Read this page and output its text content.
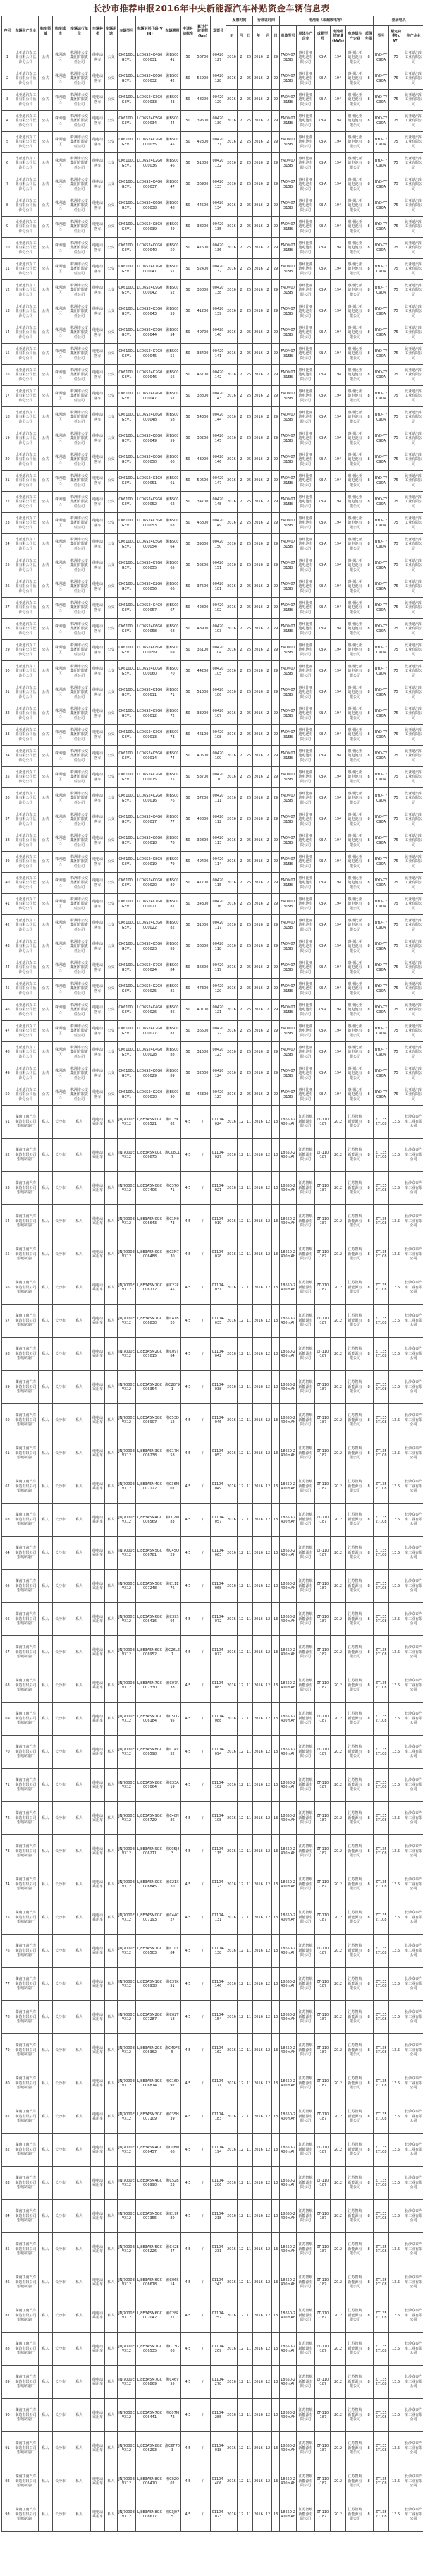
长沙市推荐申报2016年中央新能源汽车补贴资金车辆信息表
序号	车辆生产企业	购车领域	购车城市	车辆运行单位	车辆种类	车辆用途	车辆型号	车辆识别代码(VIN)	车辆牌照	申请补助标准	累计行驶里程(km)	发票号	发票时间			行驶证时间			电池组（或超级电容）						驱动电机		
													年	月	日	年	月	日	单体型号	单体生产企业	成箱型号	电池组总容量(kWh)	电池组生产企业	质保年限	型号	额定功率(kW)	生产企业
1	比亚迪汽车工业有限公司长沙分公司	公共	株洲地区	株洲市公交集团有限责任公司	纯电动客车	公交	CK6100LGEV1	LC06S24K4G0000031	湘BS0041	50	56700	00420127	2016	2	25	2016	2	29	FADM07315B	惠州比亚迪电池有限公司	KB-A	194	惠州比亚迪电池有限公司	8	BYD-TYC90A	75	比亚迪汽车工业有限公司
2	比亚迪汽车工业有限公司长沙分公司	公共	株洲地区	株洲市公交集团有限责任公司	纯电动客车	公交	CK6100LGEV1	LC06S24K6G0000032	湘BS0042	50	55900	00420128	2016	2	25	2016	2	29	FADM07315B	惠州比亚迪电池有限公司	KB-A	194	惠州比亚迪电池有限公司	8	BYD-TYC90A	75	比亚迪汽车工业有限公司
3	比亚迪汽车工业有限公司长沙分公司	公共	株洲地区	株洲市公交集团有限责任公司	纯电动客车	公交	CK6100LGEV1	LC06S24K3G0000033	湘BS0043	50	48200	00420129	2016	2	25	2016	2	29	FADM07315B	惠州比亚迪电池有限公司	KB-A	194	惠州比亚迪电池有限公司	8	BYD-TYC90A	75	比亚迪汽车工业有限公司
4	比亚迪汽车工业有限公司长沙分公司	公共	株洲地区	株洲市公交集团有限责任公司	纯电动客车	公交	CK6100LGEV1	LC06S24K5G0000034	湘BS0044	50	39600	00420130	2016	2	25	2016	2	29	FADM07315B	惠州比亚迪电池有限公司	KB-A	194	惠州比亚迪电池有限公司	8	BYD-TYC90A	75	比亚迪汽车工业有限公司
5	比亚迪汽车工业有限公司长沙分公司	公共	株洲地区	株洲市公交集团有限责任公司	纯电动客车	公交	CK6100LGEV1	LC06S24K7G0000035	湘BS0045	50	42300	00420131	2016	2	25	2016	2	29	FADM07315B	惠州比亚迪电池有限公司	KB-A	194	惠州比亚迪电池有限公司	8	BYD-TYC90A	75	比亚迪汽车工业有限公司
6	比亚迪汽车工业有限公司长沙分公司	公共	株洲地区	株洲市公交集团有限责任公司	纯电动客车	公交	CK6100LGEV1	LC06S24K2G0000036	湘BS0046	50	51800	00420132	2016	2	25	2016	2	29	FADM07315B	惠州比亚迪电池有限公司	KB-A	194	惠州比亚迪电池有限公司	8	BYD-TYC90A	75	比亚迪汽车工业有限公司
7	比亚迪汽车工业有限公司长沙分公司	公共	株洲地区	株洲市公交集团有限责任公司	纯电动客车	公交	CK6100LGEV1	LC06S24K4G0000037	湘BS0047	50	36900	00420133	2016	2	25	2016	2	29	FADM07315B	惠州比亚迪电池有限公司	KB-A	194	惠州比亚迪电池有限公司	8	BYD-TYC90A	75	比亚迪汽车工业有限公司
8	比亚迪汽车工业有限公司长沙分公司	公共	株洲地区	株洲市公交集团有限责任公司	纯电动客车	公交	CK6100LGEV1	LC06S24K6G0000038	湘BS0048	50	44500	00420134	2016	2	25	2016	2	29	FADM07315B	惠州比亚迪电池有限公司	KB-A	194	惠州比亚迪电池有限公司	8	BYD-TYC90A	75	比亚迪汽车工业有限公司
9	比亚迪汽车工业有限公司长沙分公司	公共	株洲地区	株洲市公交集团有限责任公司	纯电动客车	公交	CK6100LGEV1	LC06S24K8G0000039	湘BS0049	50	38200	00420135	2016	2	25	2016	2	29	FADM07315B	惠州比亚迪电池有限公司	KB-A	194	惠州比亚迪电池有限公司	8	BYD-TYC90A	75	比亚迪汽车工业有限公司
10	比亚迪汽车工业有限公司长沙分公司	公共	株洲地区	株洲市公交集团有限责任公司	纯电动客车	公交	CK6100LGEV1	LC06S24K0G0000040	湘BS0050	50	47600	00420136	2016	2	25	2016	2	29	FADM07315B	惠州比亚迪电池有限公司	KB-A	194	惠州比亚迪电池有限公司	8	BYD-TYC90A	75	比亚迪汽车工业有限公司
11	比亚迪汽车工业有限公司长沙分公司	公共	株洲地区	株洲市公交集团有限责任公司	纯电动客车	公交	CK6100LGEV1	LC06S24K1G0000041	湘BS0051	50	52400	00420137	2016	2	25	2016	2	29	FADM07315B	惠州比亚迪电池有限公司	KB-A	194	惠州比亚迪电池有限公司	8	BYD-TYC90A	75	比亚迪汽车工业有限公司
12	比亚迪汽车工业有限公司长沙分公司	公共	株洲地区	株洲市公交集团有限责任公司	纯电动客车	公交	CK6100LGEV1	LC06S24K9G0000042	湘BS0052	50	35800	00420138	2016	2	25	2016	2	29	FADM07315B	惠州比亚迪电池有限公司	KB-A	194	惠州比亚迪电池有限公司	8	BYD-TYC90A	75	比亚迪汽车工业有限公司
13	比亚迪汽车工业有限公司长沙分公司	公共	株洲地区	株洲市公交集团有限责任公司	纯电动客车	公交	CK6100LGEV1	LC06S24K3G0000043	湘BS0053	50	41200	00420139	2016	2	25	2016	2	29	FADM07315B	惠州比亚迪电池有限公司	KB-A	194	惠州比亚迪电池有限公司	8	BYD-TYC90A	75	比亚迪汽车工业有限公司
14	比亚迪汽车工业有限公司长沙分公司	公共	株洲地区	株洲市公交集团有限责任公司	纯电动客车	公交	CK6100LGEV1	LC06S24K5G0000044	湘BS0054	50	49700	00420140	2016	2	25	2016	2	29	FADM07315B	惠州比亚迪电池有限公司	KB-A	194	惠州比亚迪电池有限公司	8	BYD-TYC90A	75	比亚迪汽车工业有限公司
15	比亚迪汽车工业有限公司长沙分公司	公共	株洲地区	株洲市公交集团有限责任公司	纯电动客车	公交	CK6100LGEV1	LC06S24K7G0000045	湘BS0055	50	33400	00420141	2016	2	25	2016	2	29	FADM07315B	惠州比亚迪电池有限公司	KB-A	194	惠州比亚迪电池有限公司	8	BYD-TYC90A	75	比亚迪汽车工业有限公司
16	比亚迪汽车工业有限公司长沙分公司	公共	株洲地区	株洲市公交集团有限责任公司	纯电动客车	公交	CK6100LGEV1	LC06S24K2G0000046	湘BS0056	50	45100	00420142	2016	2	25	2016	2	29	FADM07315B	惠州比亚迪电池有限公司	KB-A	194	惠州比亚迪电池有限公司	8	BYD-TYC90A	75	比亚迪汽车工业有限公司
17	比亚迪汽车工业有限公司长沙分公司	公共	株洲地区	株洲市公交集团有限责任公司	纯电动客车	公交	CK6100LGEV1	LC06S24K4G0000047	湘BS0057	50	38800	00420143	2016	2	25	2016	2	29	FADM07315B	惠州比亚迪电池有限公司	KB-A	194	惠州比亚迪电池有限公司	8	BYD-TYC90A	75	比亚迪汽车工业有限公司
18	比亚迪汽车工业有限公司长沙分公司	公共	株洲地区	株洲市公交集团有限责任公司	纯电动客车	公交	CK6100LGEV1	LC06S24K6G0000048	湘BS0058	50	54300	00420144	2016	2	25	2016	2	29	FADM07315B	惠州比亚迪电池有限公司	KB-A	194	惠州比亚迪电池有限公司	8	BYD-TYC90A	75	比亚迪汽车工业有限公司
19	比亚迪汽车工业有限公司长沙分公司	公共	株洲地区	株洲市公交集团有限责任公司	纯电动客车	公交	CK6100LGEV1	LC06S24K8G0000049	湘BS0059	50	36200	00420145	2016	2	25	2016	2	29	FADM07315B	惠州比亚迪电池有限公司	KB-A	194	惠州比亚迪电池有限公司	8	BYD-TYC90A	75	比亚迪汽车工业有限公司
20	比亚迪汽车工业有限公司长沙分公司	公共	株洲地区	株洲市公交集团有限责任公司	纯电动客车	公交	CK6100LGEV1	LC06S24K0G0000050	湘BS0060	50	43900	00420146	2016	2	25	2016	2	29	FADM07315B	惠州比亚迪电池有限公司	KB-A	194	惠州比亚迪电池有限公司	8	BYD-TYC90A	75	比亚迪汽车工业有限公司
21	比亚迪汽车工业有限公司长沙分公司	公共	株洲地区	株洲市公交集团有限责任公司	纯电动客车	公交	CK6100LGEV1	LC06S24K1G0000051	湘BS0061	50	50600	00420147	2016	2	25	2016	2	29	FADM07315B	惠州比亚迪电池有限公司	KB-A	194	惠州比亚迪电池有限公司	8	BYD-TYC90A	75	比亚迪汽车工业有限公司
22	比亚迪汽车工业有限公司长沙分公司	公共	株洲地区	株洲市公交集团有限责任公司	纯电动客车	公交	CK6100LGEV1	LC06S24K9G0000052	湘BS0062	50	34700	00420148	2016	2	25	2016	2	29	FADM07315B	惠州比亚迪电池有限公司	KB-A	194	惠州比亚迪电池有限公司	8	BYD-TYC90A	75	比亚迪汽车工业有限公司
23	比亚迪汽车工业有限公司长沙分公司	公共	株洲地区	株洲市公交集团有限责任公司	纯电动客车	公交	CK6100LGEV1	LC06S24K3G0000053	湘BS0063	50	46800	00420149	2016	2	25	2016	2	29	FADM07315B	惠州比亚迪电池有限公司	KB-A	194	惠州比亚迪电池有限公司	8	BYD-TYC90A	75	比亚迪汽车工业有限公司
24	比亚迪汽车工业有限公司长沙分公司	公共	株洲地区	株洲市公交集团有限责任公司	纯电动客车	公交	CK6100LGEV1	LC06S24K5G0000054	湘BS0064	50	39300	00420150	2016	2	25	2016	2	29	FADM07315B	惠州比亚迪电池有限公司	KB-A	194	惠州比亚迪电池有限公司	8	BYD-TYC90A	75	比亚迪汽车工业有限公司
25	比亚迪汽车工业有限公司长沙分公司	公共	株洲地区	株洲市公交集团有限责任公司	纯电动客车	公交	CK6100LGEV1	LC06S24K7G0000055	湘BS0065	50	55200	00420151	2016	2	25	2016	2	29	FADM07315B	惠州比亚迪电池有限公司	KB-A	194	惠州比亚迪电池有限公司	8	BYD-TYC90A	75	比亚迪汽车工业有限公司
26	比亚迪汽车工业有限公司长沙分公司	公共	株洲地区	株洲市公交集团有限责任公司	纯电动客车	公交	CK6100LGEV1	LC06S24K2G0000056	湘BS0066	50	37500	00420101	2016	2	25	2016	2	29	FADM07315B	惠州比亚迪电池有限公司	KB-A	194	惠州比亚迪电池有限公司	8	BYD-TYC90A	75	比亚迪汽车工业有限公司
27	比亚迪汽车工业有限公司长沙分公司	公共	株洲地区	株洲市公交集团有限责任公司	纯电动客车	公交	CK6100LGEV1	LC06S24K4G0000057	湘BS0067	50	42800	00420102	2016	2	25	2016	2	29	FADM07315B	惠州比亚迪电池有限公司	KB-A	194	惠州比亚迪电池有限公司	8	BYD-TYC90A	75	比亚迪汽车工业有限公司
28	比亚迪汽车工业有限公司长沙分公司	公共	株洲地区	株洲市公交集团有限责任公司	纯电动客车	公交	CK6100LGEV1	LC06S24K6G0000058	湘BS0068	50	48900	00420103	2016	2	25	2016	2	29	FADM07315B	惠州比亚迪电池有限公司	KB-A	194	惠州比亚迪电池有限公司	8	BYD-TYC90A	75	比亚迪汽车工业有限公司
29	比亚迪汽车工业有限公司长沙分公司	公共	株洲地区	株洲市公交集团有限责任公司	纯电动客车	公交	CK6100LGEV1	LC06S24K8G0000059	湘BS0069	50	35100	00420104	2016	2	25	2016	2	29	FADM07315B	惠州比亚迪电池有限公司	KB-A	194	惠州比亚迪电池有限公司	8	BYD-TYC90A	75	比亚迪汽车工业有限公司
30	比亚迪汽车工业有限公司长沙分公司	公共	株洲地区	株洲市公交集团有限责任公司	纯电动客车	公交	CK6100LGEV1	LC06S24K0G0000060	湘BS0070	50	44200	00420105	2016	2	25	2016	2	29	FADM07315B	惠州比亚迪电池有限公司	KB-A	194	惠州比亚迪电池有限公司	8	BYD-TYC90A	75	比亚迪汽车工业有限公司
31	比亚迪汽车工业有限公司长沙分公司	公共	株洲地区	株洲市公交集团有限责任公司	纯电动客车	公交	CK6100LGEV1	LC06S24K1G0000011	湘BS0071	50	51300	00420106	2016	2	25	2016	2	29	FADM07315B	惠州比亚迪电池有限公司	KB-A	194	惠州比亚迪电池有限公司	8	BYD-TYC90A	75	比亚迪汽车工业有限公司
32	比亚迪汽车工业有限公司长沙分公司	公共	株洲地区	株洲市公交集团有限责任公司	纯电动客车	公交	CK6100LGEV1	LC06S24K9G0000012	湘BS0072	50	33900	00420107	2016	2	25	2016	2	29	FADM07315B	惠州比亚迪电池有限公司	KB-A	194	惠州比亚迪电池有限公司	8	BYD-TYC90A	75	比亚迪汽车工业有限公司
33	比亚迪汽车工业有限公司长沙分公司	公共	株洲地区	株洲市公交集团有限责任公司	纯电动客车	公交	CK6100LGEV1	LC06S24K3G0000013	湘BS0073	50	46100	00420108	2016	2	25	2016	2	29	FADM07315B	惠州比亚迪电池有限公司	KB-A	194	惠州比亚迪电池有限公司	8	BYD-TYC90A	75	比亚迪汽车工业有限公司
34	比亚迪汽车工业有限公司长沙分公司	公共	株洲地区	株洲市公交集团有限责任公司	纯电动客车	公交	CK6100LGEV1	LC06S24K5G0000014	湘BS0074	50	40500	00420109	2016	2	25	2016	2	29	FADM07315B	惠州比亚迪电池有限公司	KB-A	194	惠州比亚迪电池有限公司	8	BYD-TYC90A	75	比亚迪汽车工业有限公司
35	比亚迪汽车工业有限公司长沙分公司	公共	株洲地区	株洲市公交集团有限责任公司	纯电动客车	公交	CK6100LGEV1	LC06S24K7G0000015	湘BS0075	50	53700	00420110	2016	2	25	2016	2	29	FADM07315B	惠州比亚迪电池有限公司	KB-A	194	惠州比亚迪电池有限公司	8	BYD-TYC90A	75	比亚迪汽车工业有限公司
36	比亚迪汽车工业有限公司长沙分公司	公共	株洲地区	株洲市公交集团有限责任公司	纯电动客车	公交	CK6100LGEV1	LC06S24K2G0000016	湘BS0076	50	37200	00420111	2016	2	25	2016	2	29	FADM07315B	惠州比亚迪电池有限公司	KB-A	194	惠州比亚迪电池有限公司	8	BYD-TYC90A	75	比亚迪汽车工业有限公司
37	比亚迪汽车工业有限公司长沙分公司	公共	株洲地区	株洲市公交集团有限责任公司	纯电动客车	公交	CK6100LGEV1	LC06S24K4G0000017	湘BS0077	50	45800	00420112	2016	2	25	2016	2	29	FADM07315B	惠州比亚迪电池有限公司	KB-A	194	惠州比亚迪电池有限公司	8	BYD-TYC90A	75	比亚迪汽车工业有限公司
38	比亚迪汽车工业有限公司长沙分公司	公共	株洲地区	株洲市公交集团有限责任公司	纯电动客车	公交	CK6100LGEV1	LC06S24K6G0000018	湘BS0078	50	32800	00420113	2016	2	25	2016	2	29	FADM07315B	惠州比亚迪电池有限公司	KB-A	194	惠州比亚迪电池有限公司	8	BYD-TYC90A	75	比亚迪汽车工业有限公司
39	比亚迪汽车工业有限公司长沙分公司	公共	株洲地区	株洲市公交集团有限责任公司	纯电动客车	公交	CK6100LGEV1	LC06S24K8G0000019	湘BS0079	50	49400	00420114	2016	2	25	2016	2	29	FADM07315B	惠州比亚迪电池有限公司	KB-A	194	惠州比亚迪电池有限公司	8	BYD-TYC90A	75	比亚迪汽车工业有限公司
40	比亚迪汽车工业有限公司长沙分公司	公共	株洲地区	株洲市公交集团有限责任公司	纯电动客车	公交	CK6100LGEV1	LC06S24K0G0000020	湘BS0080	50	41700	00420115	2016	2	25	2016	2	29	FADM07315B	惠州比亚迪电池有限公司	KB-A	194	惠州比亚迪电池有限公司	8	BYD-TYC90A	75	比亚迪汽车工业有限公司
41	比亚迪汽车工业有限公司长沙分公司	公共	株洲地区	株洲市公交集团有限责任公司	纯电动客车	公交	CK6100LGEV1	LC06S24K1G0000021	湘BS0081	50	34300	00420116	2016	2	25	2016	2	29	FADM07315B	惠州比亚迪电池有限公司	KB-A	194	惠州比亚迪电池有限公司	8	BYD-TYC90A	75	比亚迪汽车工业有限公司
42	比亚迪汽车工业有限公司长沙分公司	公共	株洲地区	株洲市公交集团有限责任公司	纯电动客车	公交	CK6100LGEV1	LC06S24K3G0000022	湘BS0082	50	31000	00420117	2016	2	25	2016	2	29	FADM07315B	惠州比亚迪电池有限公司	KB-A	194	惠州比亚迪电池有限公司	8	BYD-TYC90A	75	比亚迪汽车工业有限公司
43	比亚迪汽车工业有限公司长沙分公司	公共	株洲地区	株洲市公交集团有限责任公司	纯电动客车	公交	CK6100LGEV1	LC06S24K5G0000023	湘BS0083	50	36300	00420118	2016	2	25	2016	2	29	FADM07315B	惠州比亚迪电池有限公司	KB-A	194	惠州比亚迪电池有限公司	8	BYD-TYC90A	75	比亚迪汽车工业有限公司
44	比亚迪汽车工业有限公司长沙分公司	公共	株洲地区	株洲市公交集团有限责任公司	纯电动客车	公交	CK6100LGEV1	LC06S24K7G0000024	湘BS0084	50	36800	00420119	2016	2	25	2016	2	29	FADM07315B	惠州比亚迪电池有限公司	KB-A	194	惠州比亚迪电池有限公司	8	BYD-TYC90A	75	比亚迪汽车工业有限公司
45	比亚迪汽车工业有限公司长沙分公司	公共	株洲地区	株洲市公交集团有限责任公司	纯电动客车	公交	CK6100LGEV1	LC06S24K2G0000025	湘BS0085	50	47300	00420120	2016	2	25	2016	2	29	FADM07315B	惠州比亚迪电池有限公司	KB-A	194	惠州比亚迪电池有限公司	8	BYD-TYC90A	75	比亚迪汽车工业有限公司
46	比亚迪汽车工业有限公司长沙分公司	公共	株洲地区	株洲市公交集团有限责任公司	纯电动客车	公交	CK6100LGEV1	LC06S24K4G0000026	湘BS0086	50	40100	00420121	2016	2	25	2016	2	29	FADM07315B	惠州比亚迪电池有限公司	KB-A	194	惠州比亚迪电池有限公司	8	BYD-TYC90A	75	比亚迪汽车工业有限公司
47	比亚迪汽车工业有限公司长沙分公司	公共	株洲地区	株洲市公交集团有限责任公司	纯电动客车	公交	CK6100LGEV1	LC06S24K2G0000027	湘BS0087	50	36500	00420122	2016	2	25	2016	2	29	FADM07315B	惠州比亚迪电池有限公司	KB-A	194	惠州比亚迪电池有限公司	8	BYD-TYC90A	75	比亚迪汽车工业有限公司
48	比亚迪汽车工业有限公司长沙分公司	公共	株洲地区	株洲市公交集团有限责任公司	纯电动客车	公交	CK6100LGEV1	LC06S24K4G0000028	湘BS0088	50	31500	00420123	2016	2	25	2016	2	29	FADM07315B	惠州比亚迪电池有限公司	KB-A	194	惠州比亚迪电池有限公司	8	BYD-TYC90A	75	比亚迪汽车工业有限公司
49	比亚迪汽车工业有限公司长沙分公司	公共	株洲地区	株洲市公交集团有限责任公司	纯电动客车	公交	CK6100LGEV1	LC06S24K6G0000029	湘BS0089	50	32600	00420124	2016	2	25	2016	2	29	FADM07315B	惠州比亚迪电池有限公司	KB-A	194	惠州比亚迪电池有限公司	8	BYD-TYC90A	75	比亚迪汽车工业有限公司
50	比亚迪汽车工业有限公司长沙分公司	公共	株洲地区	株洲市公交集团有限责任公司	纯电动客车	公交	CK6100LGEV1	LC06S24K2G0000030	湘BS0090	50	46300	00420125	2016	2	25	2016	2	29	FADM07315B	惠州比亚迪电池有限公司	KB-A	194	惠州比亚迪电池有限公司	8	BYD-TYC90A	75	比亚迪汽车工业有限公司
51	湖南江南汽车制造有限公司望城制造厂	私人	长沙市	私人	纯电动乘用车	私人	JNJ7000EVX12	LJ8E3A5M0GC006521	湘C15K82	4.5	/	01104-024	2016	12	11	2016	12	13	18650-2400mAh	江苏智航新能源有限公司	ZT-110-187	20.2	江苏智航新能源有限公司	8	ZT13527108	13.5	长沙众泰汽车工业有限公司
52	湖南江南汽车制造有限公司望城制造厂	私人	长沙市	私人	纯电动乘用车	私人	JNJ7000EVX12	LJ8E3A5M0GC006675	湘C08L17	4.5	/	01104-027	2016	12	11	2016	12	13	18650-2400mAh	江苏智航新能源有限公司	ZT-110-187	20.2	江苏智航新能源有限公司	8	ZT13527108	13.5	长沙众泰汽车工业有限公司
53	湖南江南汽车制造有限公司望城制造厂	私人	长沙市	私人	纯电动乘用车	私人	JNJ7000EVX12	LJ8E3A5M0GC007406	湘C37Q71	4.5	/	01104-021	2016	12	11	2016	12	13	18650-2400mAh	江苏智航新能源有限公司	ZT-110-187	20.2	江苏智航新能源有限公司	8	ZT13527108	13.5	长沙众泰汽车工业有限公司
54	湖南江南汽车制造有限公司望城制造厂	私人	长沙市	私人	纯电动乘用车	私人	JNJ7000EVX12	LJ8E3A5M0GC006643	湘C1N073	4.5	/	01104-019	2016	12	11	2016	12	13	18650-2400mAh	江苏智航新能源有限公司	ZT-110-187	20.2	江苏智航新能源有限公司	8	ZT13527108	13.5	长沙众泰汽车工业有限公司
55	湖南江南汽车制造有限公司望城制造厂	私人	长沙市	私人	纯电动乘用车	私人	JNJ7000EVX12	LJ8E3A5M0GC006488	湘C3N730	4.5	/	01104-028	2016	12	11	2016	12	13	18650-2400mAh	江苏智航新能源有限公司	ZT-110-187	20.2	江苏智航新能源有限公司	8	ZT13527108	13.5	长沙众泰汽车工业有限公司
56	湖南江南汽车制造有限公司望城制造厂	私人	长沙市	私人	纯电动乘用车	私人	JNJ7000EVX12	LJ8E3A5M1GC006712	湘C22P45	4.5	/	01104-031	2016	12	11	2016	12	13	18650-2400mAh	江苏智航新能源有限公司	ZT-110-187	20.2	江苏智航新能源有限公司	8	ZT13527108	13.5	长沙众泰汽车工业有限公司
57	湖南江南汽车制造有限公司望城制造厂	私人	长沙市	私人	纯电动乘用车	私人	JNJ7000EVX12	LJ8E3A5M1GC006830	湘C41B20	4.5	/	01104-035	2016	12	11	2016	12	13	18650-2400mAh	江苏智航新能源有限公司	ZT-110-187	20.2	江苏智航新能源有限公司	8	ZT13527108	13.5	长沙众泰汽车工业有限公司
58	湖南江南汽车制造有限公司望城制造厂	私人	长沙市	私人	纯电动乘用车	私人	JNJ7000EVX12	LJ8E3A5M2GC007015	湘C09T64	4.5	/	01104-042	2016	12	11	2016	12	13	18650-2400mAh	江苏智航新能源有限公司	ZT-110-187	20.2	江苏智航新能源有限公司	8	ZT13527108	13.5	长沙众泰汽车工业有限公司
59	湖南江南汽车制造有限公司望城制造厂	私人	长沙市	私人	纯电动乘用车	私人	JNJ7000EVX12	LJ8E3A5M2GC006354	湘C28F91	4.5	/	01104-038	2016	12	11	2016	12	13	18650-2400mAh	江苏智航新能源有限公司	ZT-110-187	20.2	江苏智航新能源有限公司	8	ZT13527108	13.5	长沙众泰汽车工业有限公司
60	湖南江南汽车制造有限公司望城制造厂	私人	长沙市	私人	纯电动乘用车	私人	JNJ7000EVX12	LJ8E3A5M3GC006907	湘C53D12	4.5	/	01104-046	2016	12	11	2016	12	13	18650-2400mAh	江苏智航新能源有限公司	ZT-110-187	20.2	江苏智航新能源有限公司	8	ZT13527108	13.5	长沙众泰汽车工业有限公司
61	湖南江南汽车制造有限公司望城制造厂	私人	长沙市	私人	纯电动乘用车	私人	JNJ7000EVX12	LJ8E3A5M3GC006238	湘C17H58	4.5	/	01104-052	2016	12	11	2016	12	13	18650-2400mAh	江苏智航新能源有限公司	ZT-110-187	20.2	江苏智航新能源有限公司	8	ZT13527108	13.5	长沙众泰汽车工业有限公司
62	湖南江南汽车制造有限公司望城制造厂	私人	长沙市	私人	纯电动乘用车	私人	JNJ7000EVX12	LJ8E3A5M4GC007122	湘C36M07	4.5	/	01104-049	2016	12	11	2016	12	13	18650-2400mAh	江苏智航新能源有限公司	ZT-110-187	20.2	江苏智航新能源有限公司	8	ZT13527108	13.5	长沙众泰汽车工业有限公司
63	湖南江南汽车制造有限公司望城制造厂	私人	长沙市	私人	纯电动乘用车	私人	JNJ7000EVX12	LJ8E3A5M4GC006569	湘C02W83	4.5	/	01104-057	2016	12	11	2016	12	13	18650-2400mAh	江苏智航新能源有限公司	ZT-110-187	20.2	江苏智航新能源有限公司	8	ZT13527108	13.5	长沙众泰汽车工业有限公司
64	湖南江南汽车制造有限公司望城制造厂	私人	长沙市	私人	纯电动乘用车	私人	JNJ7000EVX12	LJ8E3A5M5GC006781	湘C45Q29	4.5	/	01104-063	2016	12	11	2016	12	13	18650-2400mAh	江苏智航新能源有限公司	ZT-110-187	20.2	江苏智航新能源有限公司	8	ZT13527108	13.5	长沙众泰汽车工业有限公司
65	湖南江南汽车制造有限公司望城制造厂	私人	长沙市	私人	纯电动乘用车	私人	JNJ7000EVX12	LJ8E3A5M5GC007248	湘C11E76	4.5	/	01104-068	2016	12	11	2016	12	13	18650-2400mAh	江苏智航新能源有限公司	ZT-110-187	20.2	江苏智航新能源有限公司	8	ZT13527108	13.5	长沙众泰汽车工业有限公司
66	湖南江南汽车制造有限公司望城制造厂	私人	长沙市	私人	纯电动乘用车	私人	JNJ7000EVX12	LJ8E3A5M6GC006416	湘C39S04	4.5	/	01104-072	2016	12	11	2016	12	13	18650-2400mAh	江苏智航新能源有限公司	ZT-110-187	20.2	江苏智航新能源有限公司	8	ZT13527108	13.5	长沙众泰汽车工业有限公司
67	湖南江南汽车制造有限公司望城制造厂	私人	长沙市	私人	纯电动乘用车	私人	JNJ7000EVX12	LJ8E3A5M6GC006952	湘C26L61	4.5	/	01104-077	2016	12	11	2016	12	13	18650-2400mAh	江苏智航新能源有限公司	ZT-110-187	20.2	江苏智航新能源有限公司	8	ZT13527108	13.5	长沙众泰汽车工业有限公司
68	湖南江南汽车制造有限公司望城制造厂	私人	长沙市	私人	纯电动乘用车	私人	JNJ7000EVX12	LJ8E3A5M7GC007330	湘C07R38	4.5	/	01104-083	2016	12	11	2016	12	13	18650-2400mAh	江苏智航新能源有限公司	ZT-110-187	20.2	江苏智航新能源有限公司	8	ZT13527108	13.5	长沙众泰汽车工业有限公司
69	湖南江南汽车制造有限公司望城制造厂	私人	长沙市	私人	纯电动乘用车	私人	JNJ7000EVX12	LJ8E3A5M7GC006184	湘C50G95	4.5	/	01104-088	2016	12	11	2016	12	13	18650-2400mAh	江苏智航新能源有限公司	ZT-110-187	20.2	江苏智航新能源有限公司	8	ZT13527108	13.5	长沙众泰汽车工业有限公司
70	湖南江南汽车制造有限公司望城制造厂	私人	长沙市	私人	纯电动乘用车	私人	JNJ7000EVX12	LJ8E3A5M8GC006598	湘C14V52	4.5	/	01104-094	2016	12	11	2016	12	13	18650-2400mAh	江苏智航新能源有限公司	ZT-110-187	20.2	江苏智航新能源有限公司	8	ZT13527108	13.5	长沙众泰汽车工业有限公司
71	湖南江南汽车制造有限公司望城制造厂	私人	长沙市	私人	纯电动乘用车	私人	JNJ7000EVX12	LJ8E3A5M8GC007064	湘C33A19	4.5	/	01104-102	2016	12	11	2016	12	13	18650-2400mAh	江苏智航新能源有限公司	ZT-110-187	20.2	江苏智航新能源有限公司	8	ZT13527108	13.5	长沙众泰汽车工业有限公司
72	湖南江南汽车制造有限公司望城制造厂	私人	长沙市	私人	纯电动乘用车	私人	JNJ7000EVX12	LJ8E3A5M9GC006729	湘C48N86	4.5	/	01104-108	2016	12	11	2016	12	13	18650-2400mAh	江苏智航新能源有限公司	ZT-110-187	20.2	江苏智航新能源有限公司	8	ZT13527108	13.5	长沙众泰汽车工业有限公司
73	湖南江南汽车制造有限公司望城制造厂	私人	长沙市	私人	纯电动乘用车	私人	JNJ7000EVX12	LJ8E3A5M9GC006271	湘C05J43	4.5	/	01104-115	2016	12	11	2016	12	13	18650-2400mAh	江苏智航新能源有限公司	ZT-110-187	20.2	江苏智航新能源有限公司	8	ZT13527108	13.5	长沙众泰汽车工业有限公司
74	湖南江南汽车制造有限公司望城制造厂	私人	长沙市	私人	纯电动乘用车	私人	JNJ7000EVX12	LJ8E3A5M0GC006845	湘C21X70	4.5	/	01104-123	2016	12	11	2016	12	13	18650-2400mAh	江苏智航新能源有限公司	ZT-110-187	20.2	江苏智航新能源有限公司	8	ZT13527108	13.5	长沙众泰汽车工业有限公司
75	湖南江南汽车制造有限公司望城制造厂	私人	长沙市	私人	纯电动乘用车	私人	JNJ7000EVX12	LJ8E3A5M0GC007193	湘C44C27	4.5	/	01104-131	2016	12	11	2016	12	13	18650-2400mAh	江苏智航新能源有限公司	ZT-110-187	20.2	江苏智航新能源有限公司	8	ZT13527108	13.5	长沙众泰汽车工业有限公司
76	湖南江南汽车制造有限公司望城制造厂	私人	长沙市	私人	纯电动乘用车	私人	JNJ7000EVX12	LJ8E3A5M1GC006503	湘C10Y84	4.5	/	01104-138	2016	12	11	2016	12	13	18650-2400mAh	江苏智航新能源有限公司	ZT-110-187	20.2	江苏智航新能源有限公司	8	ZT13527108	13.5	长沙众泰汽车工业有限公司
77	湖南江南汽车制造有限公司望城制造厂	私人	长沙市	私人	纯电动乘用车	私人	JNJ7000EVX12	LJ8E3A5M1GC006938	湘C37K51	4.5	/	01104-146	2016	12	11	2016	12	13	18650-2400mAh	江苏智航新能源有限公司	ZT-110-187	20.2	江苏智航新能源有限公司	8	ZT13527108	13.5	长沙众泰汽车工业有限公司
78	湖南江南汽车制造有限公司望城制造厂	私人	长沙市	私人	纯电动乘用车	私人	JNJ7000EVX12	LJ8E3A5M2GC007287	湘C02T18	4.5	/	01104-154	2016	12	11	2016	12	13	18650-2400mAh	江苏智航新能源有限公司	ZT-110-187	20.2	江苏智航新能源有限公司	8	ZT13527108	13.5	长沙众泰汽车工业有限公司
79	湖南江南汽车制造有限公司望城制造厂	私人	长沙市	私人	纯电动乘用车	私人	JNJ7000EVX12	LJ8E3A5M2GC006362	湘C49F65	4.5	/	01104-162	2016	12	11	2016	12	13	18650-2400mAh	江苏智航新能源有限公司	ZT-110-187	20.2	江苏智航新能源有限公司	8	ZT13527108	13.5	长沙众泰汽车工业有限公司
80	湖南江南汽车制造有限公司望城制造厂	私人	长沙市	私人	纯电动乘用车	私人	JNJ7000EVX12	LJ8E3A5M3GC006814	湘C16D92	4.5	/	01104-171	2016	12	11	2016	12	13	18650-2400mAh	江苏智航新能源有限公司	ZT-110-187	20.2	江苏智航新能源有限公司	8	ZT13527108	13.5	长沙众泰汽车工业有限公司
81	湖南江南汽车制造有限公司望城制造厂	私人	长沙市	私人	纯电动乘用车	私人	JNJ7000EVX12	LJ8E3A5M3GC007109	湘C35H39	4.5	/	01104-183	2016	12	11	2016	12	13	18650-2400mAh	江苏智航新能源有限公司	ZT-110-187	20.2	江苏智航新能源有限公司	8	ZT13527108	13.5	长沙众泰汽车工业有限公司
82	湖南江南汽车制造有限公司望城制造厂	私人	长沙市	私人	纯电动乘用车	私人	JNJ7000EVX12	LJ8E3A5M4GC006457	湘C08M66	4.5	/	01104-194	2016	12	11	2016	12	13	18650-2400mAh	江苏智航新能源有限公司	ZT-110-187	20.2	江苏智航新能源有限公司	8	ZT13527108	13.5	长沙众泰汽车工业有限公司
83	湖南江南汽车制造有限公司望城制造厂	私人	长沙市	私人	纯电动乘用车	私人	JNJ7000EVX12	LJ8E3A5M4GC006990	湘C52B23	4.5	/	01104-206	2016	12	11	2016	12	13	18650-2400mAh	江苏智航新能源有限公司	ZT-110-187	20.2	江苏智航新能源有限公司	8	ZT13527108	13.5	长沙众泰汽车工业有限公司
84	湖南江南汽车制造有限公司望城制造厂	私人	长沙市	私人	纯电动乘用车	私人	JNJ7000EVX12	LJ8E3A5M5GC007355	湘C19P80	4.5	/	01104-218	2016	12	11	2016	12	13	18650-2400mAh	江苏智航新能源有限公司	ZT-110-187	20.2	江苏智航新能源有限公司	8	ZT13527108	13.5	长沙众泰汽车工业有限公司
85	湖南江南汽车制造有限公司望城制造厂	私人	长沙市	私人	纯电动乘用车	私人	JNJ7000EVX12	LJ8E3A5M5GC006226	湘C42E47	4.5	/	01104-231	2016	12	11	2016	12	13	18650-2400mAh	江苏智航新能源有限公司	ZT-110-187	20.2	江苏智航新能源有限公司	8	ZT13527108	13.5	长沙众泰汽车工业有限公司
86	湖南江南汽车制造有限公司望城制造厂	私人	长沙市	私人	纯电动乘用车	私人	JNJ7000EVX12	LJ8E3A5M6GC006678	湘C06S14	4.5	/	01104-243	2016	12	11	2016	12	13	18650-2400mAh	江苏智航新能源有限公司	ZT-110-187	20.2	江苏智航新能源有限公司	8	ZT13527108	13.5	长沙众泰汽车工业有限公司
87	湖南江南汽车制造有限公司望城制造厂	私人	长沙市	私人	纯电动乘用车	私人	JNJ7000EVX12	LJ8E3A5M6GC007042	湘C28R71	4.5	/	01104-257	2016	12	11	2016	12	13	18650-2400mAh	江苏智航新能源有限公司	ZT-110-187	20.2	江苏智航新能源有限公司	8	ZT13527108	13.5	长沙众泰汽车工业有限公司
88	湖南江南汽车制造有限公司望城制造厂	私人	长沙市	私人	纯电动乘用车	私人	JNJ7000EVX12	LJ8E3A5M7GC006535	湘C13G08	4.5	/	01104-269	2016	12	11	2016	12	13	18650-2400mAh	江苏智航新能源有限公司	ZT-110-187	20.2	江苏智航新能源有限公司	8	ZT13527108	13.5	长沙众泰汽车工业有限公司
89	湖南江南汽车制造有限公司望城制造厂	私人	长沙市	私人	纯电动乘用车	私人	JNJ7000EVX12	LJ8E3A5M7GC006869	湘C46V55	4.5	/	01104-278	2016	12	11	2016	12	13	18650-2400mAh	江苏智航新能源有限公司	ZT-110-187	20.2	江苏智航新能源有限公司	8	ZT13527108	13.5	长沙众泰汽车工业有限公司
90	湖南江南汽车制造有限公司望城制造厂	私人	长沙市	私人	纯电动乘用车	私人	JNJ7000EVX12	LJ8E3A5M7GC006441	湘C07M72	4.5	/	01104-285	2016	12	11	2016	12	13	18650-2400mAh	江苏智航新能源有限公司	ZT-110-187	20.2	江苏智航新能源有限公司	8	ZT13527108	13.5	长沙众泰汽车工业有限公司
91	湖南江南汽车制造有限公司望城制造厂	私人	长沙市	私人	纯电动乘用车	私人	JNJ7000EVX12	LJ8E3A5M8GC006293	湘C6F703	4.5	/	01104-018	2016	12	11	2016	12	13	18650-2400mAh	江苏智航新能源有限公司	ZT-110-187	20.2	江苏智航新能源有限公司	8	ZT13527108	13.5	长沙众泰汽车工业有限公司
92	湖南江南汽车制造有限公司望城制造厂	私人	长沙市	私人	纯电动乘用车	私人	JNJ7000EVX12	LJ8E3A5M8GC006410	湘C02Q02	4.5	/	01104-406	2016	12	11	2016	12	13	18650-2400mAh	江苏智航新能源有限公司	ZT-110-187	20.2	江苏智航新能源有限公司	8	ZT13527108	13.5	长沙众泰汽车工业有限公司
93	湖南江南汽车制造有限公司望城制造厂	私人	长沙市	私人	纯电动乘用车	私人	JNJ7000EVX12	LJ8E3A5M8GC006617	湘C3J075	4.5	/	01104-023	2016	12	11	2016	12	13	18650-2400mAh	江苏智航新能源有限公司	ZT-110-187	20.2	江苏智航新能源有限公司	8	ZT13527108	13.5	长沙众泰汽车工业有限公司
